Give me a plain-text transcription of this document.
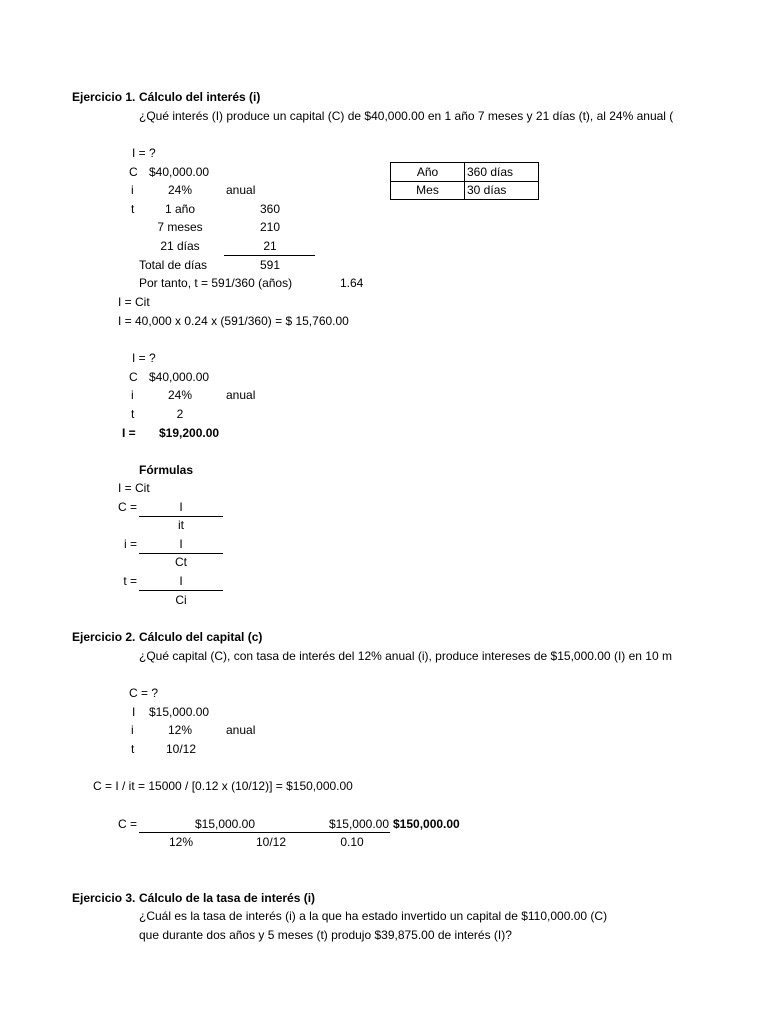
Ejercicio 1. Cálculo del interés (i)
¿Qué interés (I) produce un capital (C) de $40,000.00 en 1 año 7 meses y 21 días (t), al 24% anual (
I = ?
C $40,000.00
i	24%	anual
t	1 año	360
7 meses	210
21 días	21
Total de días	591
Por tanto, t = 591/360 (años)	1.64
I = Cit
I = 40,000 x 0.24 x (591/360) = $ 15,760.00
Año	360 días
Mes	30 días
I = ?
C $40,000.00
i	24%	anual
t	2
I = $19,200.00
Fórmulas
I = Cit
C =	I
it
i =	I
Ct
t =	I
Ci
Ejercicio 2. Cálculo del capital (c)
¿Qué capital (C), con tasa de interés del 12% anual (i), produce intereses de $15,000.00 (I) en 10 m
C = ?
I $15,000.00
i	12%	anual
t	10/12
C = I / it = 15000 / [0.12 x (10/12)] = $150,000.00
C =	$15,000.00	$15,000.00 $150,000.00
12%	10/12	0.10
Ejercicio 3. Cálculo de la tasa de interés (i)
¿Cuál es la tasa de interés (i) a la que ha estado invertido un capital de $110,000.00 (C)
que durante dos años y 5 meses (t) produjo $39,875.00 de interés (I)?
